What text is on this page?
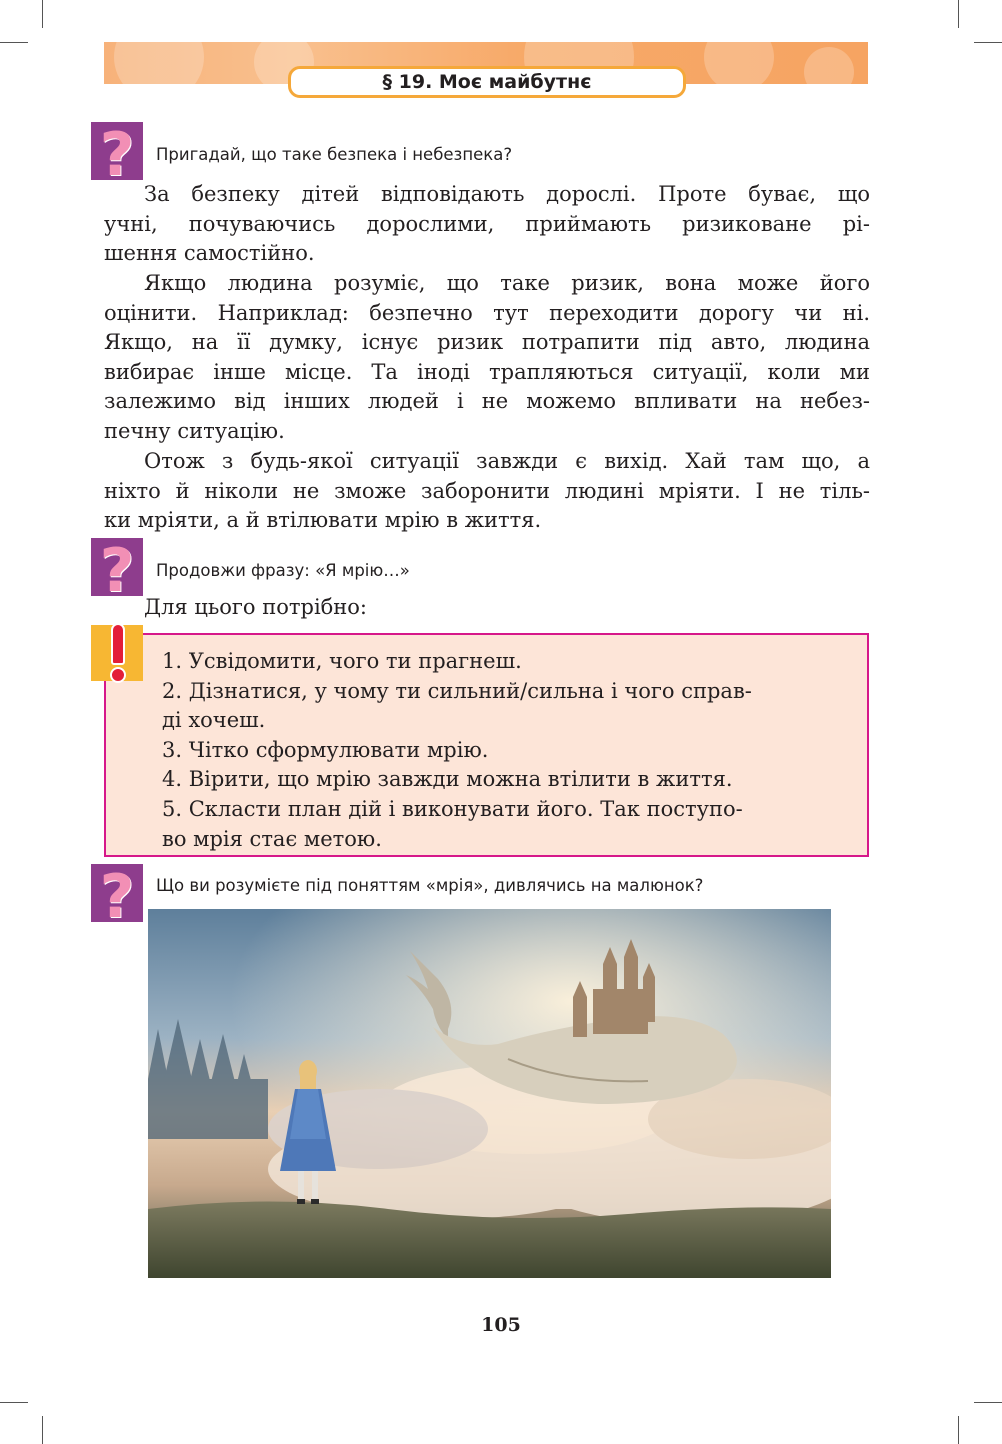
§ 19. Моє майбутнє
? Пригадай, що таке безпека і небезпека?
За безпеку дітей відповідають дорослі. Проте буває, що
учні, почуваючись дорослими, приймають ризиковане рі-
шення самостійно.
Якщо людина розуміє, що таке ризик, вона може його
оцінити. Наприклад: безпечно тут переходити дорогу чи ні.
Якщо, на її думку, існує ризик потрапити під авто, людина
вибирає інше місце. Та іноді трапляються ситуації, коли ми
залежимо від інших людей і не можемо впливати на небез-
печну ситуацію.
Отож з будь-якої ситуації завжди є вихід. Хай там що, а
ніхто й ніколи не зможе заборонити людині мріяти. І не тіль-
ки мріяти, а й втілювати мрію в життя.
? Продовжи фразу: «Я мрію…»
Для цього потрібно:
1. Усвідомити, чого ти прагнеш.
2. Дізнатися, у чому ти сильний/сильна і чого справ-
ді хочеш.
3. Чітко сформулювати мрію.
4. Вірити, що мрію завжди можна втілити в життя.
5. Скласти план дій і виконувати його. Так поступо-
во мрія стає метою.
? Що ви розумієте під поняттям «мрія», дивлячись на малюнок?
105
